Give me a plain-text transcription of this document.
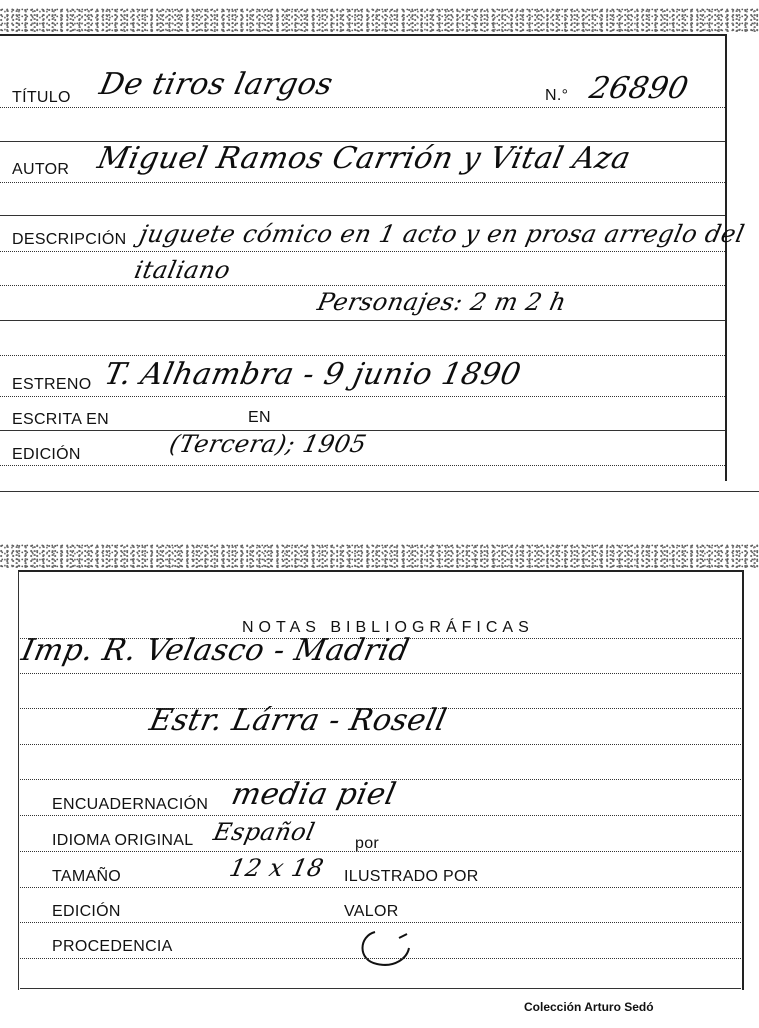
TÍTULO De tiros largos	N.° 26890
AUTOR Miguel Ramos Carrión y Vital Aza
DESCRIPCIÓN juguete cómico en 1 acto y en prosa arreglo del
italiano
Personajes: 2 m 2 h
ESTRENO T. Alhambra - 9 junio 1890
ESCRITA EN	EN
EDICIÓN	(Tercera); 1905
NOTAS BIBLIOGRÁFICAS
Imp. R. Velasco - Madrid
Estr. Lárra - Rosell
ENCUADERNACIÓN media piel
IDIOMA ORIGINAL Español por
TAMAÑO	12 x 18 ILUSTRADO POR
EDICIÓN	VALOR
PROCEDENCIA
Colección Arturo Sedó
